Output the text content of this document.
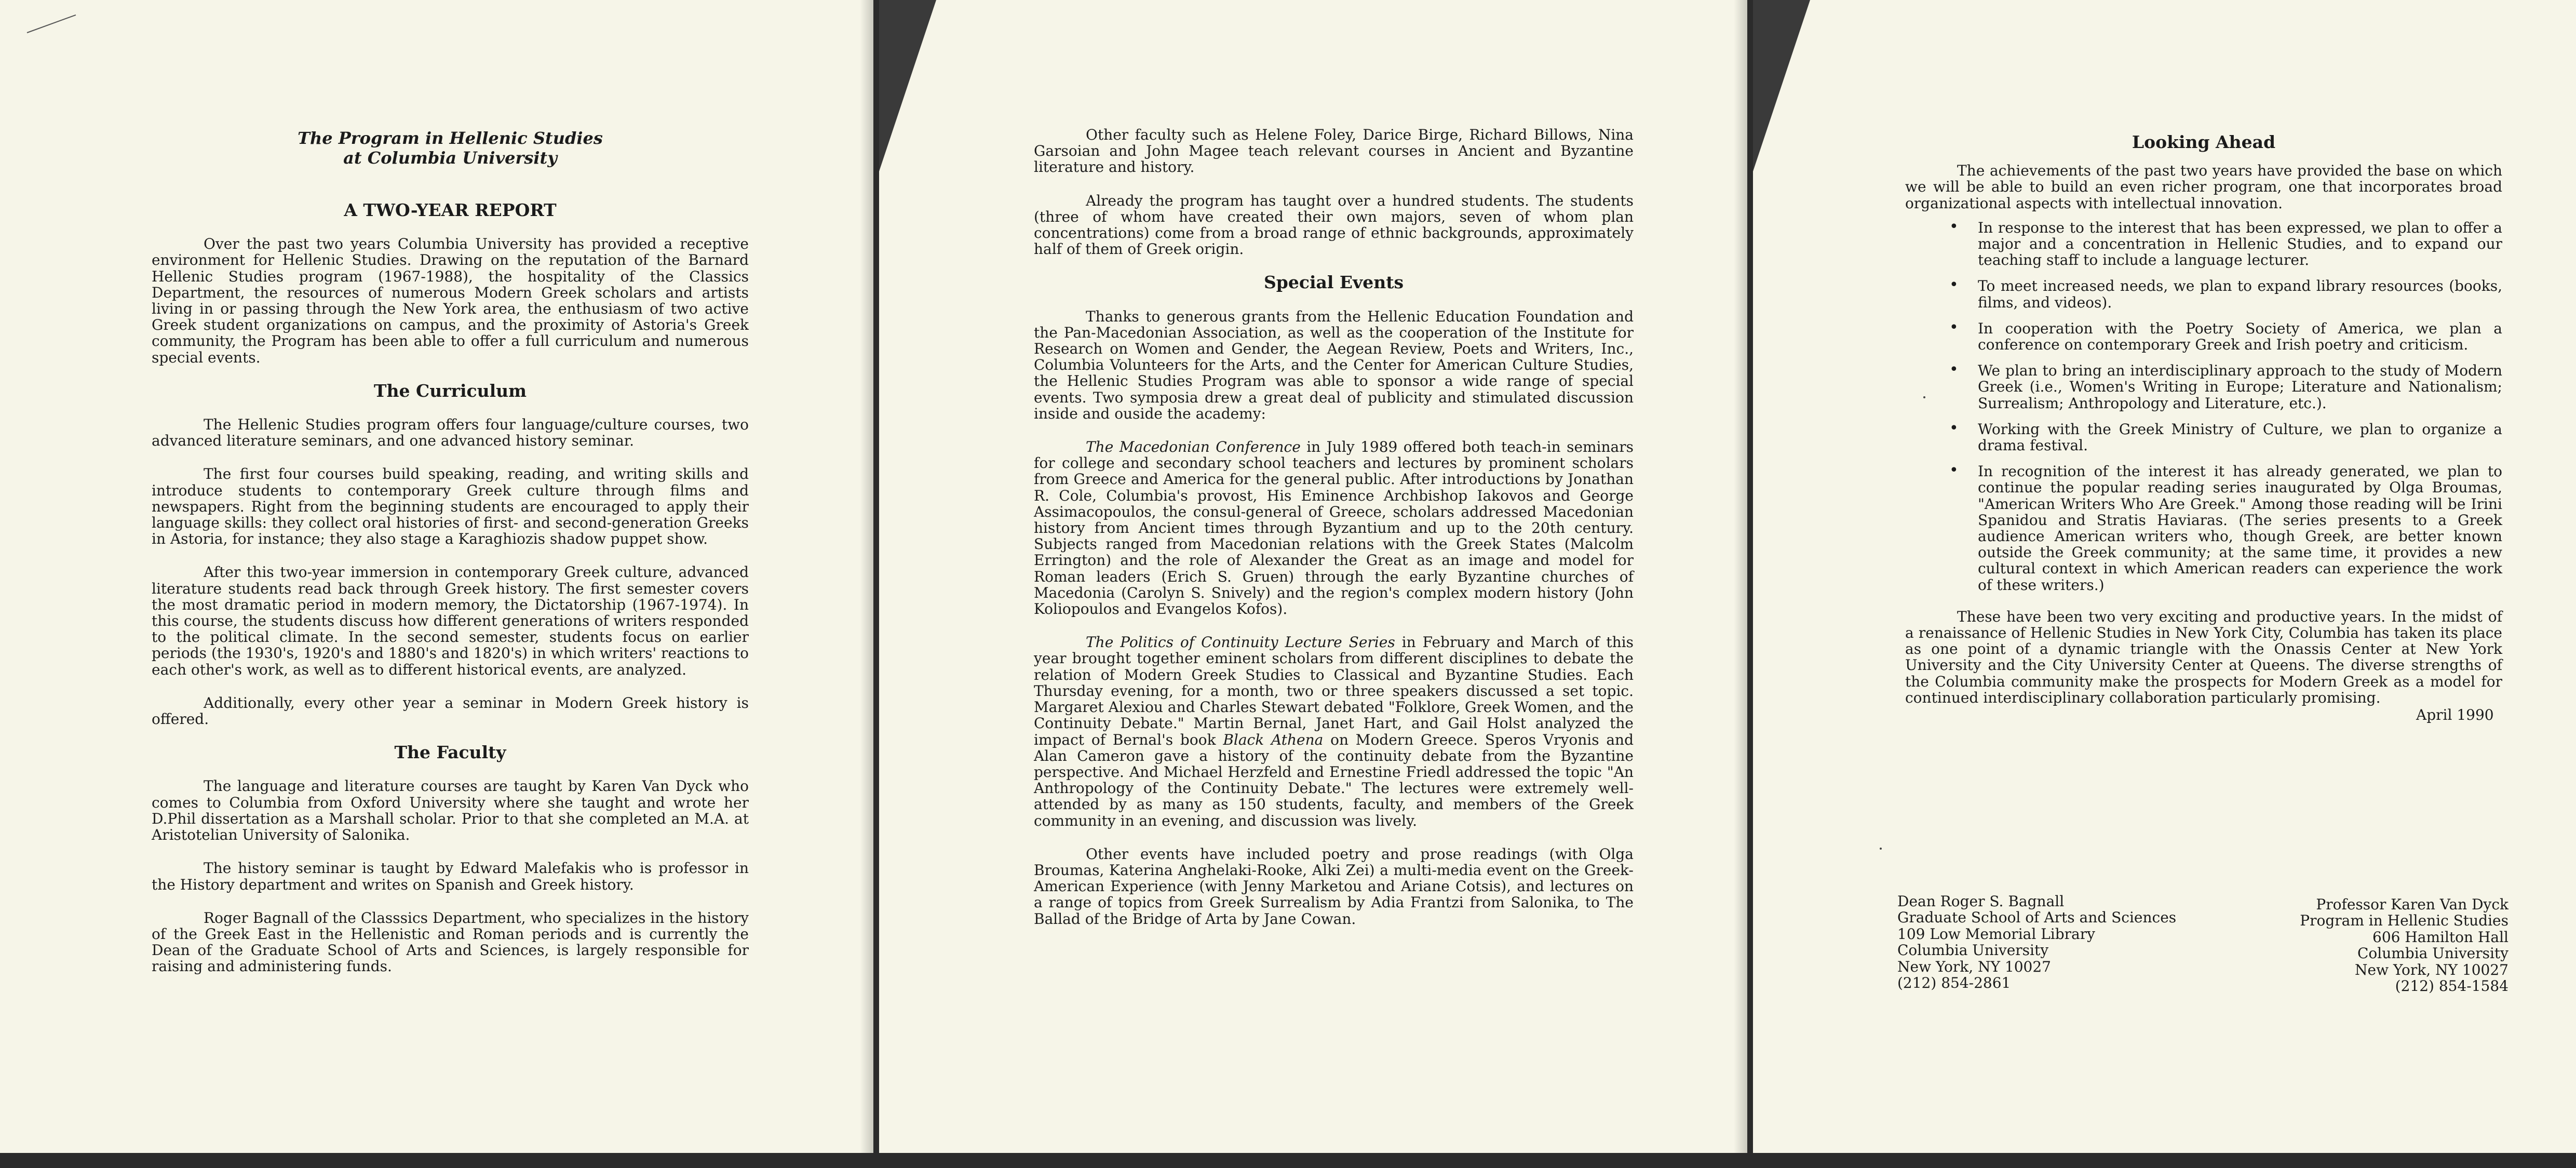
The Program in Hellenic Studies
at Columbia University
A TWO-YEAR REPORT

Over the past two years Columbia University has provided a receptive environment for Hellenic Studies. Drawing on the reputation of the Barnard Hellenic Studies program (1967-1988), the hospitality of the Classics Department, the resources of numerous Modern Greek scholars and artists living in or passing through the New York area, the enthusiasm of two active Greek student organizations on campus, and the proximity of Astoria's Greek community, the Program has been able to offer a full curriculum and numerous special events.

The Curriculum

The Hellenic Studies program offers four language/culture courses, two advanced literature seminars, and one advanced history seminar.

The first four courses build speaking, reading, and writing skills and introduce students to contemporary Greek culture through films and newspapers. Right from the beginning students are encouraged to apply their language skills: they collect oral histories of first- and second-generation Greeks in Astoria, for instance; they also stage a Karaghiozis shadow puppet show.

After this two-year immersion in contemporary Greek culture, advanced literature students read back through Greek history. The first semester covers the most dramatic period in modern memory, the Dictatorship (1967-1974). In this course, the students discuss how different generations of writers responded to the political climate. In the second semester, students focus on earlier periods (the 1930's, 1920's and 1880's and 1820's) in which writers' reactions to each other's work, as well as to different historical events, are analyzed.

Additionally, every other year a seminar in Modern Greek history is offered.

The Faculty

The language and literature courses are taught by Karen Van Dyck who comes to Columbia from Oxford University where she taught and wrote her D.Phil dissertation as a Marshall scholar. Prior to that she completed an M.A. at Aristotelian University of Salonika.

The history seminar is taught by Edward Malefakis who is professor in the History department and writes on Spanish and Greek history.

Roger Bagnall of the Classsics Department, who specializes in the history of the Greek East in the Hellenistic and Roman periods and is currently the Dean of the Graduate School of Arts and Sciences, is largely responsible for raising and administering funds.

Other faculty such as Helene Foley, Darice Birge, Richard Billows, Nina Garsoian and John Magee teach relevant courses in Ancient and Byzantine literature and history.

Already the program has taught over a hundred students. The students (three of whom have created their own majors, seven of whom plan concentrations) come from a broad range of ethnic backgrounds, approximately half of them of Greek origin.

Special Events

Thanks to generous grants from the Hellenic Education Foundation and the Pan-Macedonian Association, as well as the cooperation of the Institute for Research on Women and Gender, the Aegean Review, Poets and Writers, Inc., Columbia Volunteers for the Arts, and the Center for American Culture Studies, the Hellenic Studies Program was able to sponsor a wide range of special events. Two symposia drew a great deal of publicity and stimulated discussion inside and ouside the academy:

The Macedonian Conference in July 1989 offered both teach-in seminars for college and secondary school teachers and lectures by prominent scholars from Greece and America for the general public. After introductions by Jonathan R. Cole, Columbia's provost, His Eminence Archbishop Iakovos and George Assimacopoulos, the consul-general of Greece, scholars addressed Macedonian history from Ancient times through Byzantium and up to the 20th century. Subjects ranged from Macedonian relations with the Greek States (Malcolm Errington) and the role of Alexander the Great as an image and model for Roman leaders (Erich S. Gruen) through the early Byzantine churches of Macedonia (Carolyn S. Snively) and the region's complex modern history (John Koliopoulos and Evangelos Kofos).

The Politics of Continuity Lecture Series in February and March of this year brought together eminent scholars from different disciplines to debate the relation of Modern Greek Studies to Classical and Byzantine Studies. Each Thursday evening, for a month, two or three speakers discussed a set topic. Margaret Alexiou and Charles Stewart debated "Folklore, Greek Women, and the Continuity Debate." Martin Bernal, Janet Hart, and Gail Holst analyzed the impact of Bernal's book Black Athena on Modern Greece. Speros Vryonis and Alan Cameron gave a history of the continuity debate from the Byzantine perspective. And Michael Herzfeld and Ernestine Friedl addressed the topic "An Anthropology of the Continuity Debate." The lectures were extremely well-attended by as many as 150 students, faculty, and members of the Greek community in an evening, and discussion was lively.

Other events have included poetry and prose readings (with Olga Broumas, Katerina Anghelaki-Rooke, Alki Zei) a multi-media event on the Greek-American Experience (with Jenny Marketou and Ariane Cotsis), and lectures on a range of topics from Greek Surrealism by Adia Frantzi from Salonika, to The Ballad of the Bridge of Arta by Jane Cowan.

Looking Ahead

The achievements of the past two years have provided the base on which we will be able to build an even richer program, one that incorporates broad organizational aspects with intellectual innovation.

• In response to the interest that has been expressed, we plan to offer a major and a concentration in Hellenic Studies, and to expand our teaching staff to include a language lecturer.
• To meet increased needs, we plan to expand library resources (books, films, and videos).
• In cooperation with the Poetry Society of America, we plan a conference on contemporary Greek and Irish poetry and criticism.
• We plan to bring an interdisciplinary approach to the study of Modern Greek (i.e., Women's Writing in Europe; Literature and Nationalism; Surrealism; Anthropology and Literature, etc.).
• Working with the Greek Ministry of Culture, we plan to organize a drama festival.
• In recognition of the interest it has already generated, we plan to continue the popular reading series inaugurated by Olga Broumas, "American Writers Who Are Greek." Among those reading will be Irini Spanidou and Stratis Haviaras. (The series presents to a Greek audience American writers who, though Greek, are better known outside the Greek community; at the same time, it provides a new cultural context in which American readers can experience the work of these writers.)

These have been two very exciting and productive years. In the midst of a renaissance of Hellenic Studies in New York City, Columbia has taken its place as one point of a dynamic triangle with the Onassis Center at New York University and the City University Center at Queens. The diverse strengths of the Columbia community make the prospects for Modern Greek as a model for continued interdisciplinary collaboration particularly promising.

April 1990
Dean Roger S. Bagnall
Graduate School of Arts and Sciences
109 Low Memorial Library
Columbia University
New York, NY 10027
(212) 854-2861
Professor Karen Van Dyck
Program in Hellenic Studies
606 Hamilton Hall
Columbia University
New York, NY 10027
(212) 854-1584
